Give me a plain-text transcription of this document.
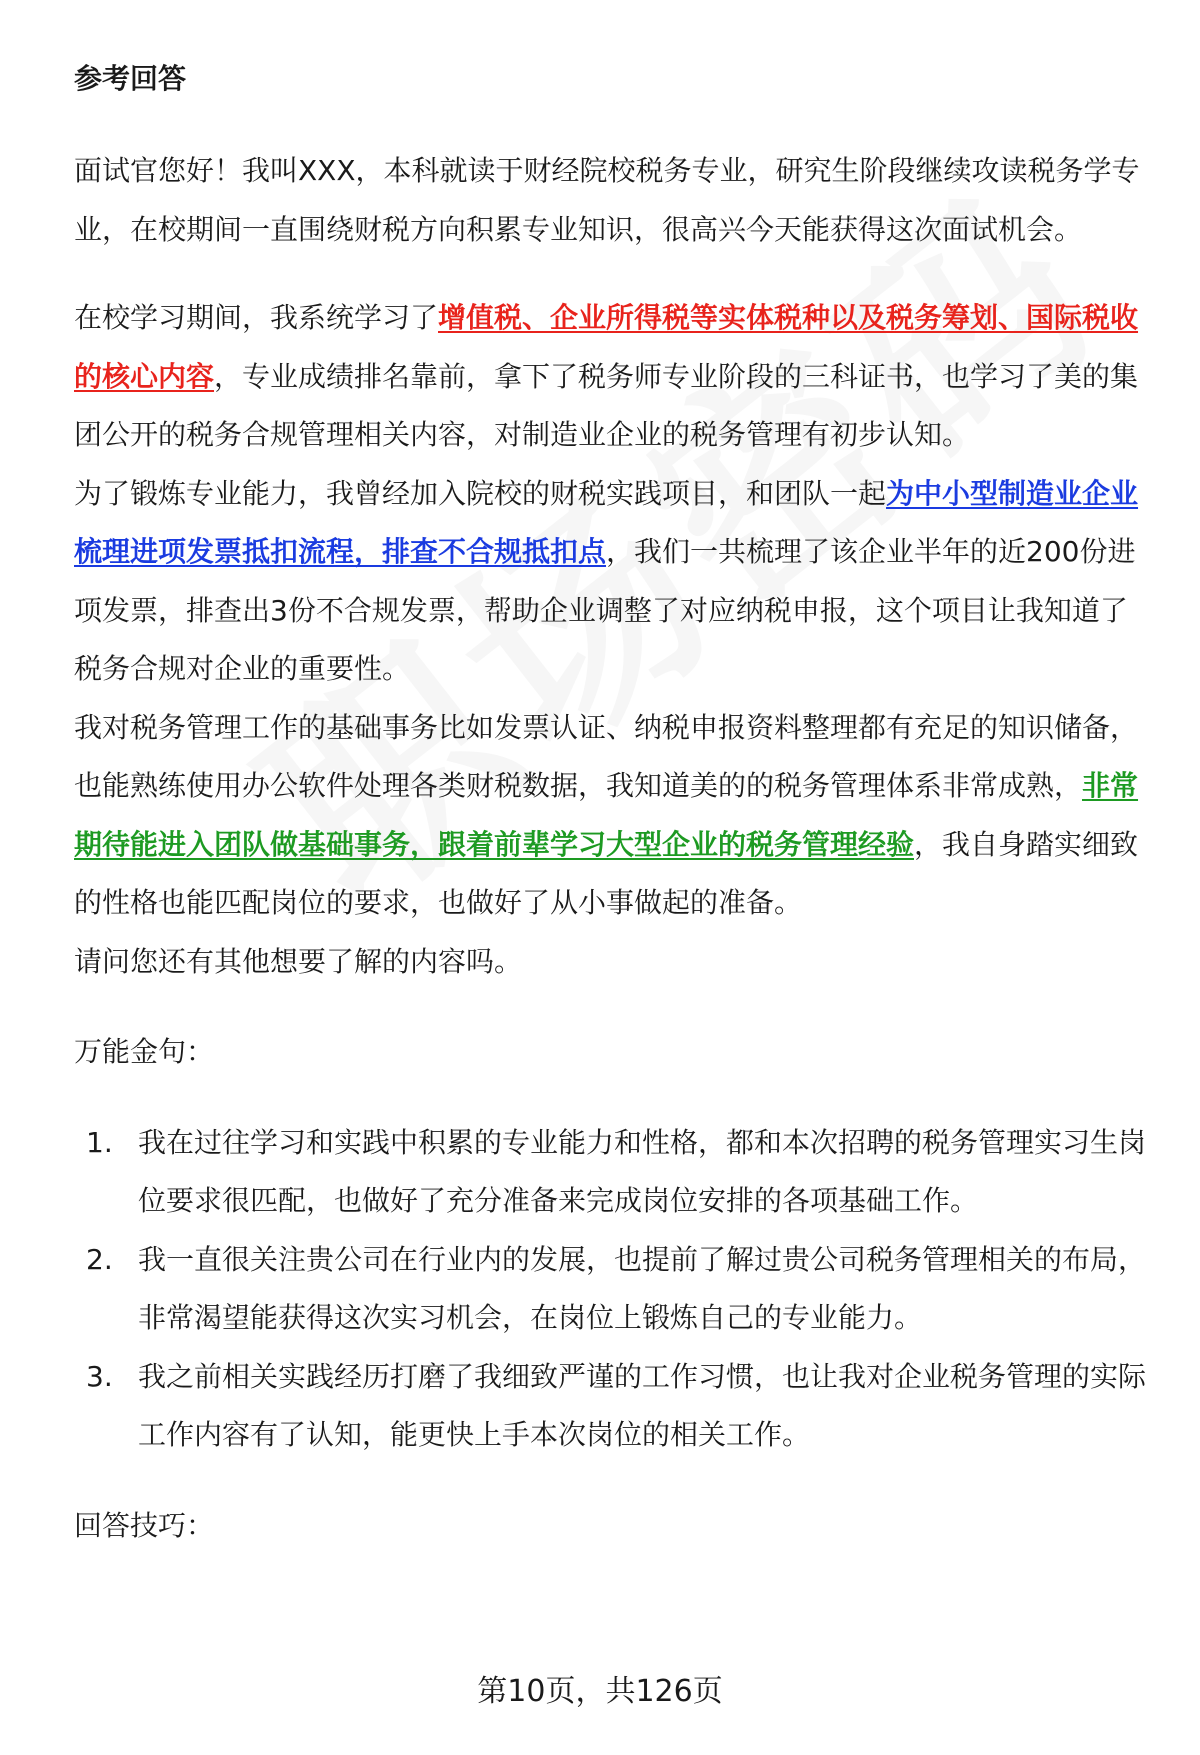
参考回答

面试官您好！我叫XXX，本科就读于财经院校税务专业，研究生阶段继续攻读税务学专业，在校期间一直围绕财税方向积累专业知识，很高兴今天能获得这次面试机会。

在校学习期间，我系统学习了增值税、企业所得税等实体税种以及税务筹划、国际税收的核心内容，专业成绩排名靠前，拿下了税务师专业阶段的三科证书，也学习了美的集团公开的税务合规管理相关内容，对制造业企业的税务管理有初步认知。

为了锻炼专业能力，我曾经加入院校的财税实践项目，和团队一起为中小型制造业企业梳理进项发票抵扣流程，排查不合规抵扣点，我们一共梳理了该企业半年的近200份进项发票，排查出3份不合规发票，帮助企业调整了对应纳税申报，这个项目让我知道了税务合规对企业的重要性。

我对税务管理工作的基础事务比如发票认证、纳税申报资料整理都有充足的知识储备，也能熟练使用办公软件处理各类财税数据，我知道美的的税务管理体系非常成熟，非常期待能进入团队做基础事务，跟着前辈学习大型企业的税务管理经验，我自身踏实细致的性格也能匹配岗位的要求，也做好了从小事做起的准备。

请问您还有其他想要了解的内容吗。

万能金句：
1. 我在过往学习和实践中积累的专业能力和性格，都和本次招聘的税务管理实习生岗位要求很匹配，也做好了充分准备来完成岗位安排的各项基础工作。
2. 我一直很关注贵公司在行业内的发展，也提前了解过贵公司税务管理相关的布局，非常渴望能获得这次实习机会，在岗位上锻炼自己的专业能力。
3. 我之前相关实践经历打磨了我细致严谨的工作习惯，也让我对企业税务管理的实际工作内容有了认知，能更快上手本次岗位的相关工作。
回答技巧：
第10页，共126页
